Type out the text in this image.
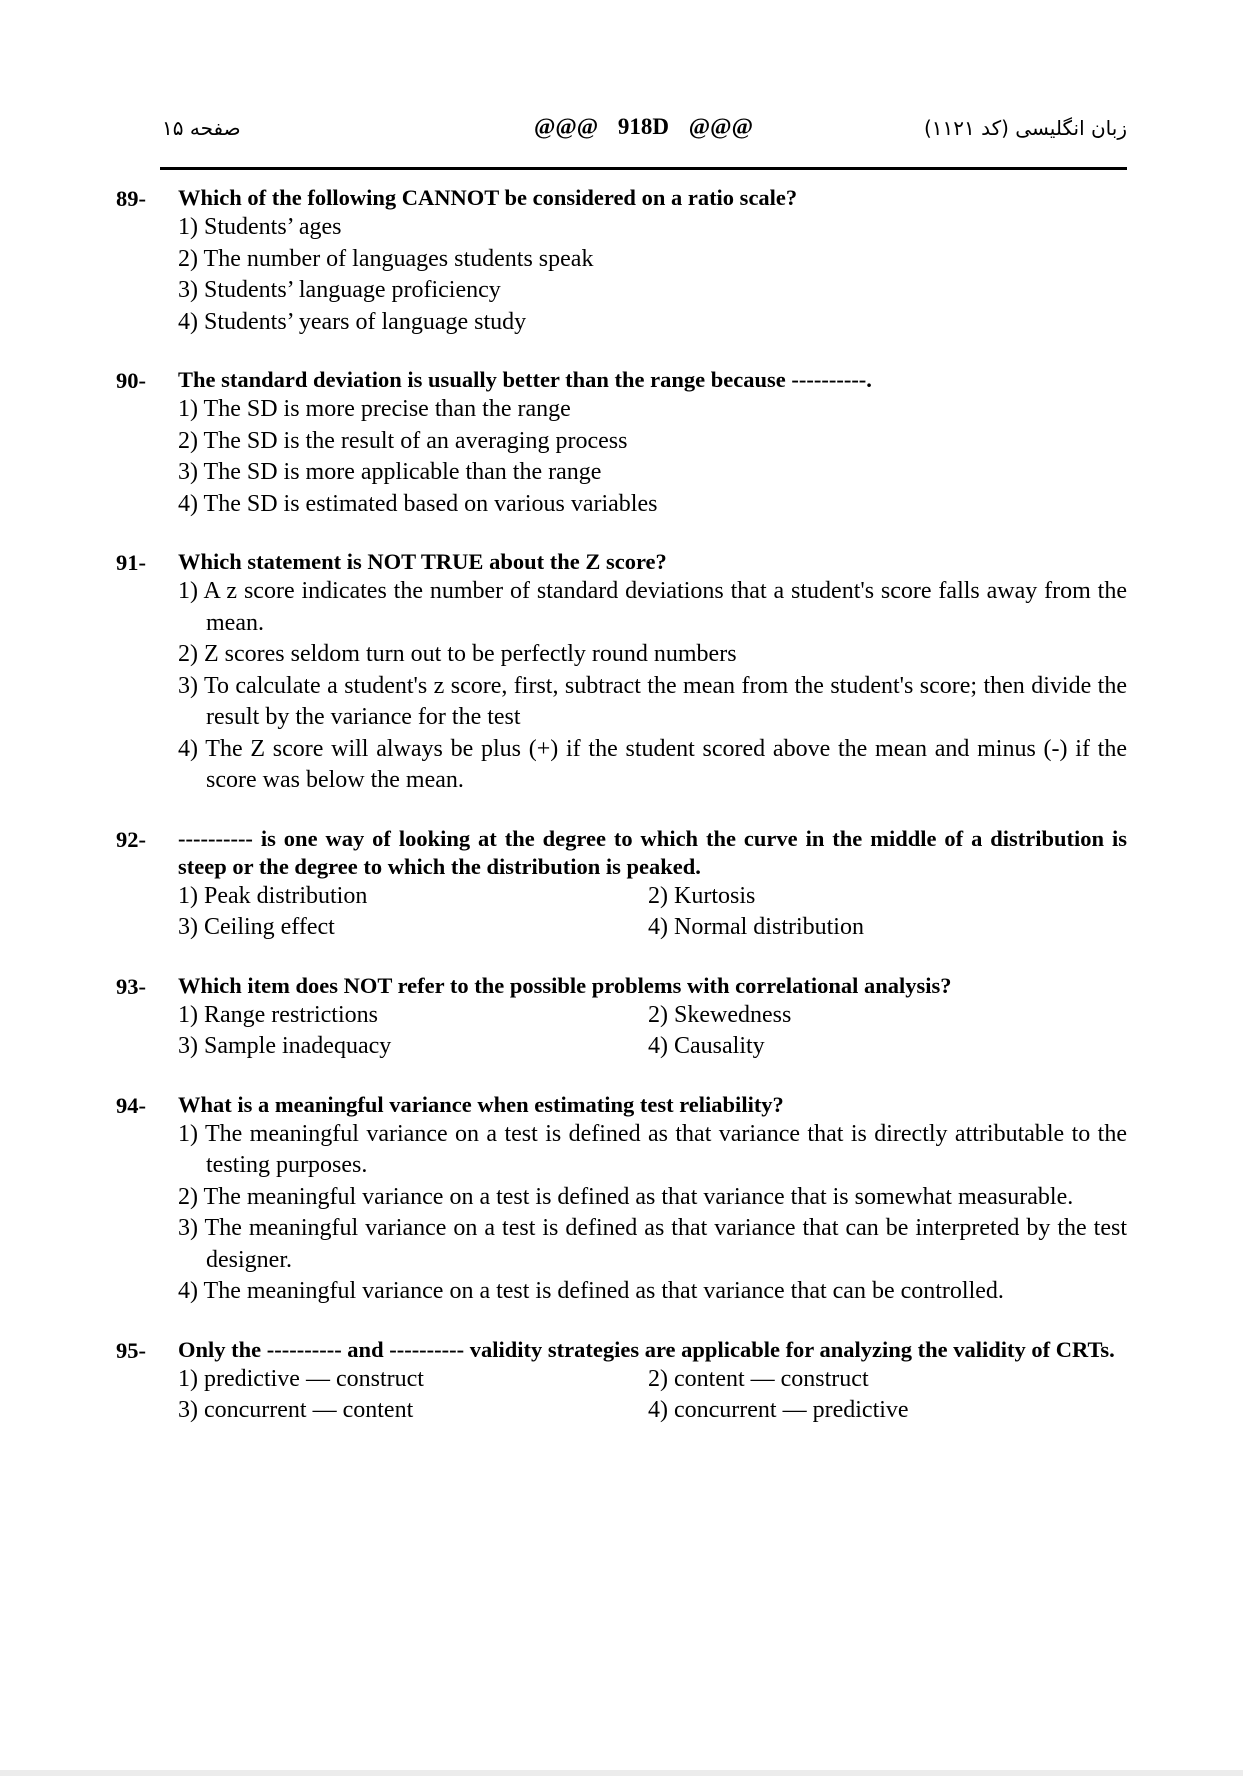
صفحه ۱۵	@@@ 918D @@@	زبان انگلیسی (کد ۱۱۲۱)
89-	Which of the following CANNOT be considered on a ratio scale?
1) Students’ ages
2) The number of languages students speak
3) Students’ language proficiency
4) Students’ years of language study
90-	The standard deviation is usually better than the range because ----------.
1) The SD is more precise than the range
2) The SD is the result of an averaging process
3) The SD is more applicable than the range
4) The SD is estimated based on various variables
91-	Which statement is NOT TRUE about the Z score?
1) A z score indicates the number of standard deviations that a student's score falls away from the mean.
2) Z scores seldom turn out to be perfectly round numbers
3) To calculate a student's z score, first, subtract the mean from the student's score; then divide the result by the variance for the test
4) The Z score will always be plus (+) if the student scored above the mean and minus (-) if the score was below the mean.
92-	---------- is one way of looking at the degree to which the curve in the middle of a distribution is steep or the degree to which the distribution is peaked.
1) Peak distribution	2) Kurtosis
3) Ceiling effect	4) Normal distribution
93-	Which item does NOT refer to the possible problems with correlational analysis?
1) Range restrictions	2) Skewedness
3) Sample inadequacy	4) Causality
94-	What is a meaningful variance when estimating test reliability?
1) The meaningful variance on a test is defined as that variance that is directly attributable to the testing purposes.
2) The meaningful variance on a test is defined as that variance that is somewhat measurable.
3) The meaningful variance on a test is defined as that variance that can be interpreted by the test designer.
4) The meaningful variance on a test is defined as that variance that can be controlled.
95-	Only the ---------- and ---------- validity strategies are applicable for analyzing the validity of CRTs.
1) predictive — construct	2) content — construct
3) concurrent — content	4) concurrent — predictive
